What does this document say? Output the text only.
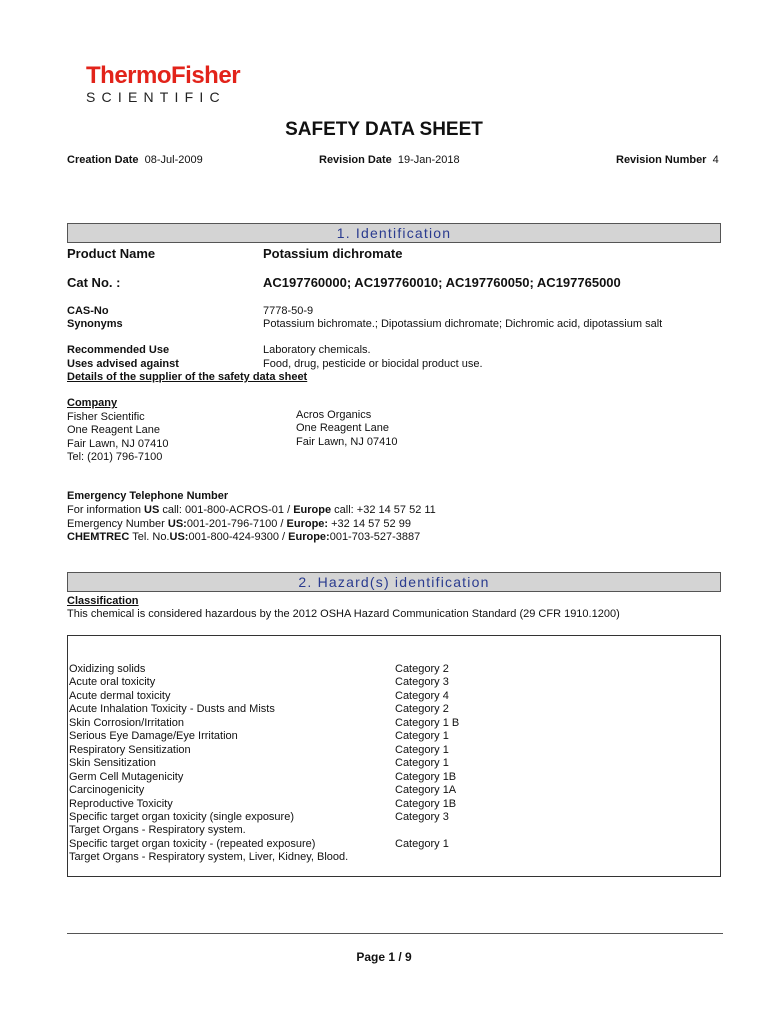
ThermoFisher
SCIENTIFIC
SAFETY DATA SHEET
Creation Date 08-Jul-2009	Revision Date 19-Jan-2018	Revision Number 4
1. Identification
Product Name	Potassium dichromate
Cat No. :	AC197760000; AC197760010; AC197760050; AC197765000
CAS-No	7778-50-9
Synonyms	Potassium bichromate.; Dipotassium dichromate; Dichromic acid, dipotassium salt
Recommended Use	Laboratory chemicals.
Uses advised against	Food, drug, pesticide or biocidal product use.
Details of the supplier of the safety data sheet
Company
Fisher Scientific
One Reagent Lane
Fair Lawn, NJ 07410
Tel: (201) 796-7100
Acros Organics
One Reagent Lane
Fair Lawn, NJ 07410
Emergency Telephone Number
For information US call: 001-800-ACROS-01 / Europe call: +32 14 57 52 11
Emergency Number US:001-201-796-7100 / Europe: +32 14 57 52 99
CHEMTREC Tel. No.US:001-800-424-9300 / Europe:001-703-527-3887
2. Hazard(s) identification
Classification
This chemical is considered hazardous by the 2012 OSHA Hazard Communication Standard (29 CFR 1910.1200)
Oxidizing solids	Category 2
Acute oral toxicity	Category 3
Acute dermal toxicity	Category 4
Acute Inhalation Toxicity - Dusts and Mists	Category 2
Skin Corrosion/Irritation	Category 1 B
Serious Eye Damage/Eye Irritation	Category 1
Respiratory Sensitization	Category 1
Skin Sensitization	Category 1
Germ Cell Mutagenicity	Category 1B
Carcinogenicity	Category 1A
Reproductive Toxicity	Category 1B
Specific target organ toxicity (single exposure)	Category 3
Target Organs - Respiratory system.
Specific target organ toxicity - (repeated exposure)	Category 1
Target Organs - Respiratory system, Liver, Kidney, Blood.
Page 1 / 9
